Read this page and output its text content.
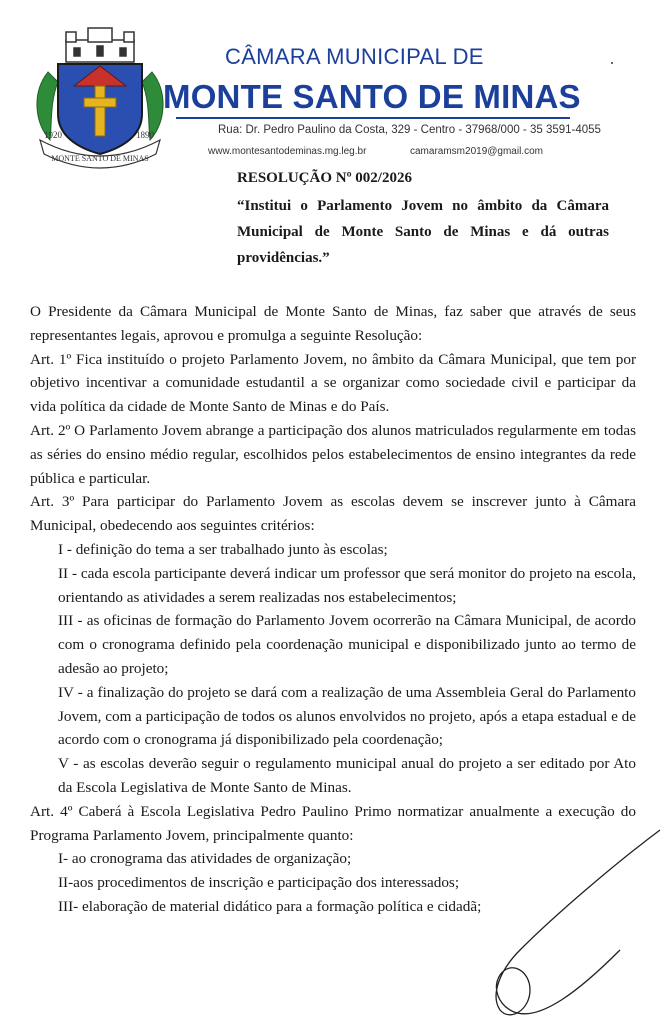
1920	1890
MONTE SANTO DE MINAS
CÂMARA MUNICIPAL DE
MONTE SANTO DE MINAS
Rua: Dr. Pedro Paulino da Costa, 329 - Centro - 37968/000 - 35 3591-4055
www.montesantodeminas.mg.leg.br	camaramsm2019@gmail.com
RESOLUÇÃO Nº 002/2026
“Institui o Parlamento Jovem no âmbito da Câmara Municipal de Monte Santo de Minas e dá outras providências.”

O Presidente da Câmara Municipal de Monte Santo de Minas, faz saber que através de seus representantes legais, aprovou e promulga a seguinte Resolução:

Art. 1º Fica instituído o projeto Parlamento Jovem, no âmbito da Câmara Municipal, que tem por objetivo incentivar a comunidade estudantil a se organizar como sociedade civil e participar da vida política da cidade de Monte Santo de Minas e do País.

Art. 2º O Parlamento Jovem abrange a participação dos alunos matriculados regularmente em todas as séries do ensino médio regular, escolhidos pelos estabelecimentos de ensino integrantes da rede pública e particular.

Art. 3º Para participar do Parlamento Jovem as escolas devem se inscrever junto à Câmara Municipal, obedecendo aos seguintes critérios:

I - definição do tema a ser trabalhado junto às escolas;

II - cada escola participante deverá indicar um professor que será monitor do projeto na escola, orientando as atividades a serem realizadas nos estabelecimentos;

III - as oficinas de formação do Parlamento Jovem ocorrerão na Câmara Municipal, de acordo com o cronograma definido pela coordenação municipal e disponibilizado junto ao termo de adesão ao projeto;

IV - a finalização do projeto se dará com a realização de uma Assembleia Geral do Parlamento Jovem, com a participação de todos os alunos envolvidos no projeto, após a etapa estadual e de acordo com o cronograma já disponibilizado pela coordenação;

V - as escolas deverão seguir o regulamento municipal anual do projeto a ser editado por Ato da Escola Legislativa de Monte Santo de Minas.

Art. 4º Caberá à Escola Legislativa Pedro Paulino Primo normatizar anualmente a execução do Programa Parlamento Jovem, principalmente quanto:

I- ao cronograma das atividades de organização;

II-aos procedimentos de inscrição e participação dos interessados;

III- elaboração de material didático para a formação política e cidadã;
